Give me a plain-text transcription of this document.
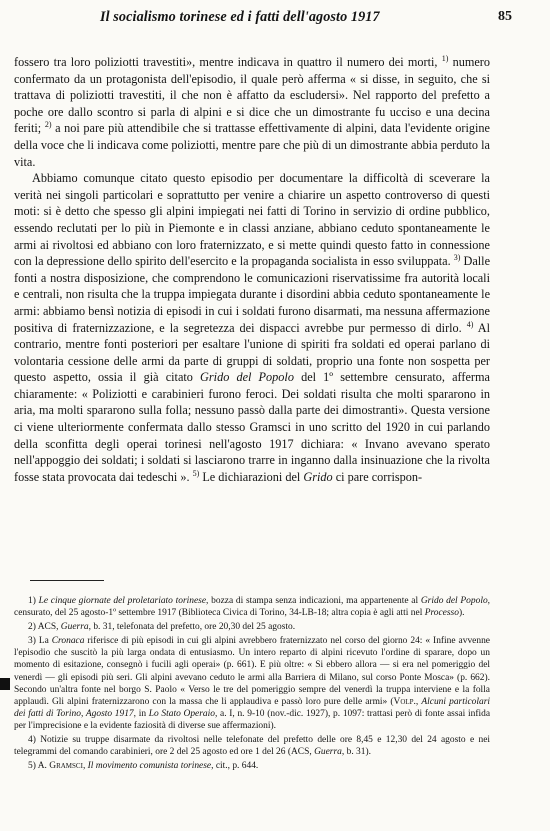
Il socialismo torinese ed i fatti dell'agosto 1917	85

fossero tra loro poliziotti travestiti», mentre indicava in quattro il numero dei morti, $^{1)}$ numero confermato da un protagonista dell'episodio, il quale però afferma « si disse, in seguito, che si trattava di poliziotti travestiti, il che non è affatto da escludersi». Nel rapporto del prefetto a poche ore dallo scontro si parla di alpini e si dice che un dimostrante fu ucciso e una decina feriti; $^{2)}$ a noi pare più attendibile che si trattasse effettivamente di alpini, data l'evidente origine della voce che li indicava come poliziotti, mentre pare che più di un dimostrante abbia perduto la vita.

Abbiamo comunque citato questo episodio per documentare la difficoltà di sceverare la verità nei singoli particolari e soprattutto per venire a chiarire un aspetto controverso di questi moti: si è detto che spesso gli alpini impiegati nei fatti di Torino in servizio di ordine pubblico, essendo reclutati per lo più in Piemonte e in classi anziane, abbiano ceduto spontaneamente le armi ai rivoltosi ed abbiano con loro fraternizzato, e si mette quindi questo fatto in connessione con la depressione dello spirito dell'esercito e la propaganda socialista in esso sviluppata. $^{3)}$ Dalle fonti a nostra disposizione, che comprendono le comunicazioni riservatissime fra autorità locali e centrali, non risulta che la truppa impiegata durante i disordini abbia ceduto spontaneamente le armi: abbiamo bensì notizia di episodi in cui i soldati furono disarmati, ma nessuna affermazione positiva di fraternizzazione, e la segretezza dei dispacci avrebbe pur permesso di dirlo. $^{4)}$ Al contrario, mentre fonti posteriori per esaltare l'unione di spiriti fra soldati ed operai parlano di volontaria cessione delle armi da parte di gruppi di soldati, proprio una fonte non sospetta per questo aspetto, ossia il già citato Grido del Popolo del 1º settembre censurato, afferma chiaramente: « Poliziotti e carabinieri furono feroci. Dei soldati risulta che molti spararono in aria, ma molti spararono sulla folla; nessuno passò dalla parte dei dimostranti». Questa versione ci viene ulteriormente confermata dallo stesso Gramsci in uno scritto del 1920 in cui parlando della sconfitta degli operai torinesi nell'agosto 1917 dichiara: « Invano avevano sperato nell'appoggio dei soldati; i soldati si lasciarono trarre in inganno dalla insinuazione che la rivolta fosse stata provocata dai tedeschi ». $^{5)}$ Le dichiarazioni del Grido ci pare corrispon-

1) Le cinque giornate del proletariato torinese, bozza di stampa senza indicazioni, ma appartenente al Grido del Popolo, censurato, del 25 agosto-1º settembre 1917 (Biblioteca Civica di Torino, 34-LB-18; altra copia è agli atti nel Processo).

2) ACS, Guerra, b. 31, telefonata del prefetto, ore 20,30 del 25 agosto.

3) La Cronaca riferisce di più episodi in cui gli alpini avrebbero fraternizzato nel corso del giorno 24: « Infine avvenne l'episodio che suscitò la più larga ondata di entusiasmo. Un intero reparto di alpini ricevuto l'ordine di sparare, dopo un momento di esitazione, consegnò i fucili agli operai» (p. 661). E più oltre: « Si ebbero allora — si era nel pomeriggio del venerdì — gli episodi più seri. Gli alpini avevano ceduto le armi alla Barriera di Milano, sul corso Ponte Mosca» (p. 662). Secondo un'altra fonte nel borgo S. Paolo « Verso le tre del pomeriggio sempre del venerdì la truppa interviene e la folla applaudì. Gli alpini fraternizzarono con la massa che li applaudiva e passò loro pure delle armi» (Volp., Alcuni particolari dei fatti di Torino, Agosto 1917, in Lo Stato Operaio, a. I, n. 9-10 (nov.-dic. 1927), p. 1097: trattasi però di fonte assai infida per l'imprecisione e la evidente faziosità di diverse sue affermazioni).

4) Notizie su truppe disarmate da rivoltosi nelle telefonate del prefetto delle ore 8,45 e 12,30 del 24 agosto e nei telegrammi del comando carabinieri, ore 2 del 25 agosto ed ore 1 del 26 (ACS, Guerra, b. 31).

5) A. Gramsci, Il movimento comunista torinese, cit., p. 644.
